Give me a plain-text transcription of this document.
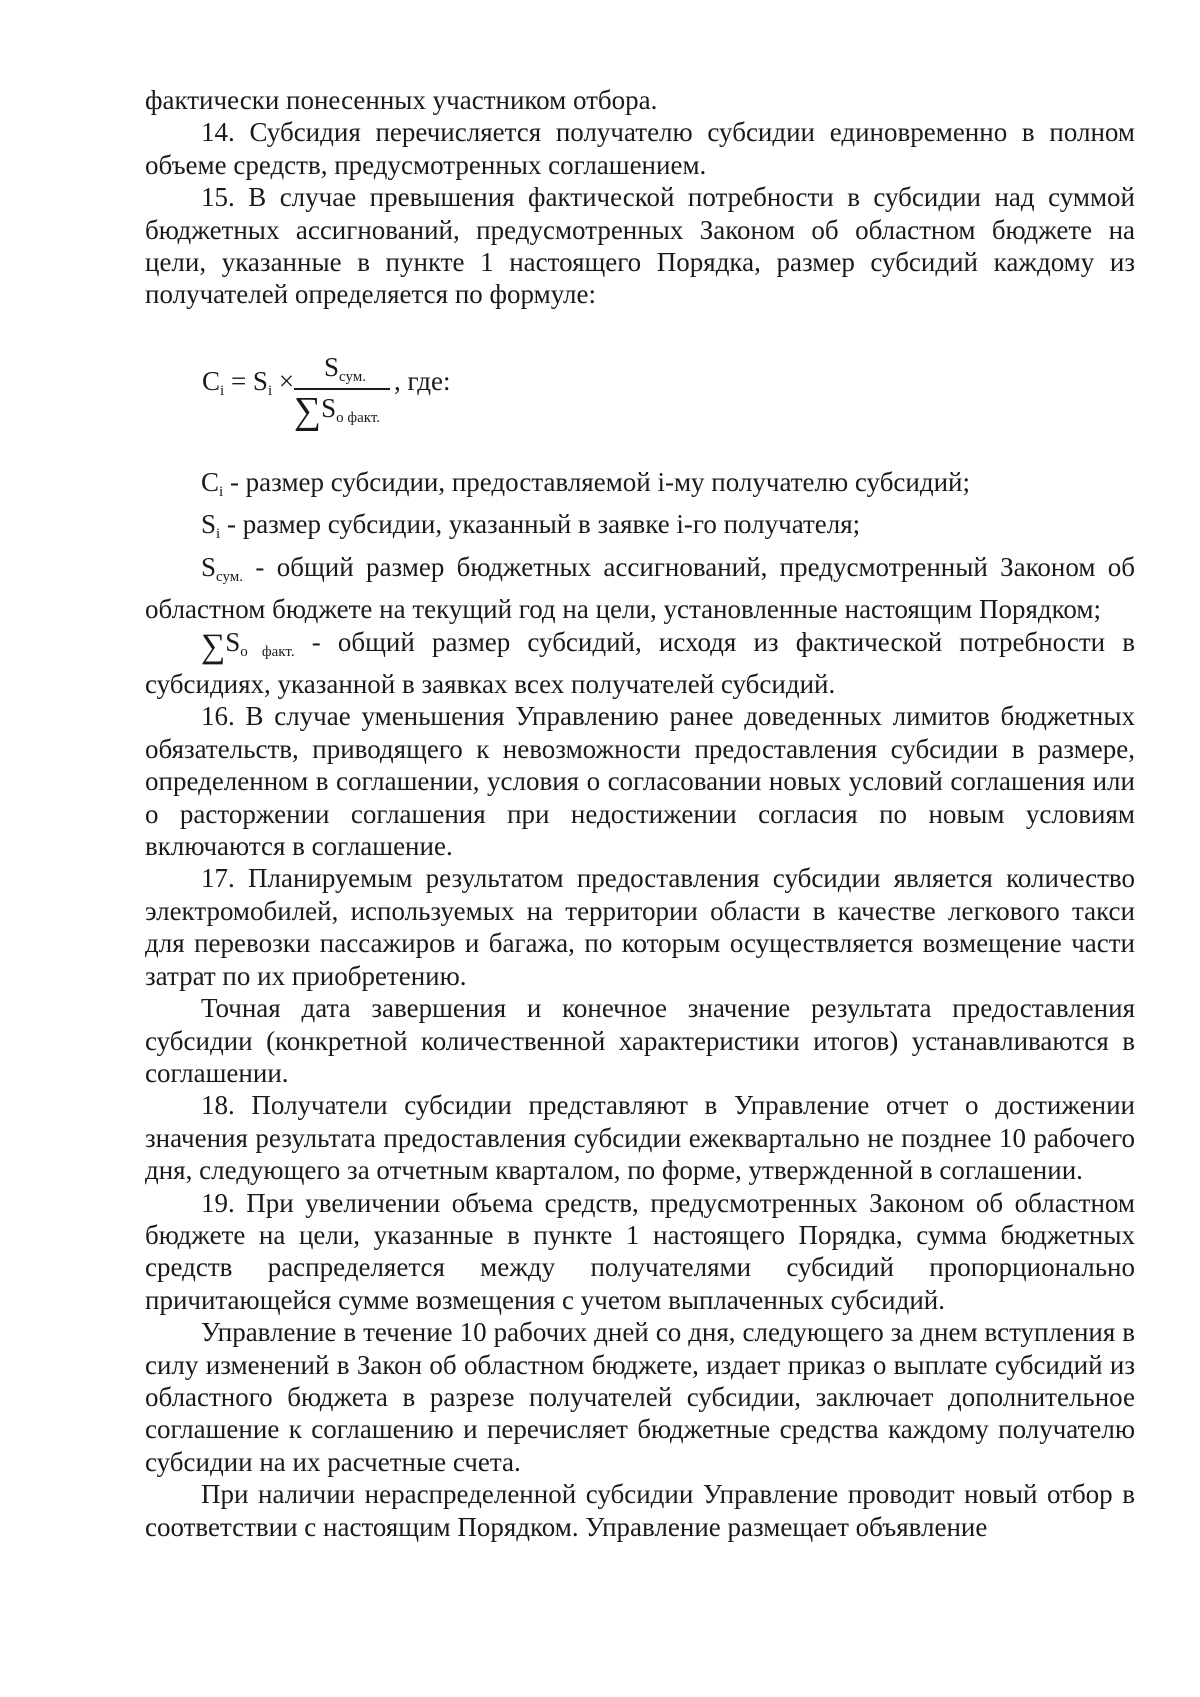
фактически понесенных участником отбора.

14. Субсидия перечисляется получателю субсидии единовременно в полном объеме средств, предусмотренных соглашением.

15. В случае превышения фактической потребности в субсидии над суммой бюджетных ассигнований, предусмотренных Законом об областном бюджете на цели, указанные в пункте 1 настоящего Порядка, размер субсидий каждому из получателей определяется по формуле:

$C_i = S_i \times S_{сум.}$
$\sum S_{о факт.}$
, где:

$C_i$ - размер субсидии, предоставляемой i-му получателю субсидий;

$S_i$ - размер субсидии, указанный в заявке i-го получателя;

$S_{сум.}$ - общий размер бюджетных ассигнований, предусмотренный Законом об областном бюджете на текущий год на цели, установленные настоящим Порядком;

$\sum S_{о факт.}$ - общий размер субсидий, исходя из фактической потребности в субсидиях, указанной в заявках всех получателей субсидий.

16. В случае уменьшения Управлению ранее доведенных лимитов бюджетных обязательств, приводящего к невозможности предоставления субсидии в размере, определенном в соглашении, условия о согласовании новых условий соглашения или о расторжении соглашения при недостижении согласия по новым условиям включаются в соглашение.

17. Планируемым результатом предоставления субсидии является количество электромобилей, используемых на территории области в качестве легкового такси для перевозки пассажиров и багажа, по которым осуществляется возмещение части затрат по их приобретению.

Точная дата завершения и конечное значение результата предоставления субсидии (конкретной количественной характеристики итогов) устанавливаются в соглашении.

18. Получатели субсидии представляют в Управление отчет о достижении значения результата предоставления субсидии ежеквартально не позднее 10 рабочего дня, следующего за отчетным кварталом, по форме, утвержденной в соглашении.

19. При увеличении объема средств, предусмотренных Законом об областном бюджете на цели, указанные в пункте 1 настоящего Порядка, сумма бюджетных средств распределяется между получателями субсидий пропорционально причитающейся сумме возмещения с учетом выплаченных субсидий.

Управление в течение 10 рабочих дней со дня, следующего за днем вступления в силу изменений в Закон об областном бюджете, издает приказ о выплате субсидий из областного бюджета в разрезе получателей субсидии, заключает дополнительное соглашение к соглашению и перечисляет бюджетные средства каждому получателю субсидии на их расчетные счета.

При наличии нераспределенной субсидии Управление проводит новый отбор в соответствии с настоящим Порядком. Управление размещает объявление
